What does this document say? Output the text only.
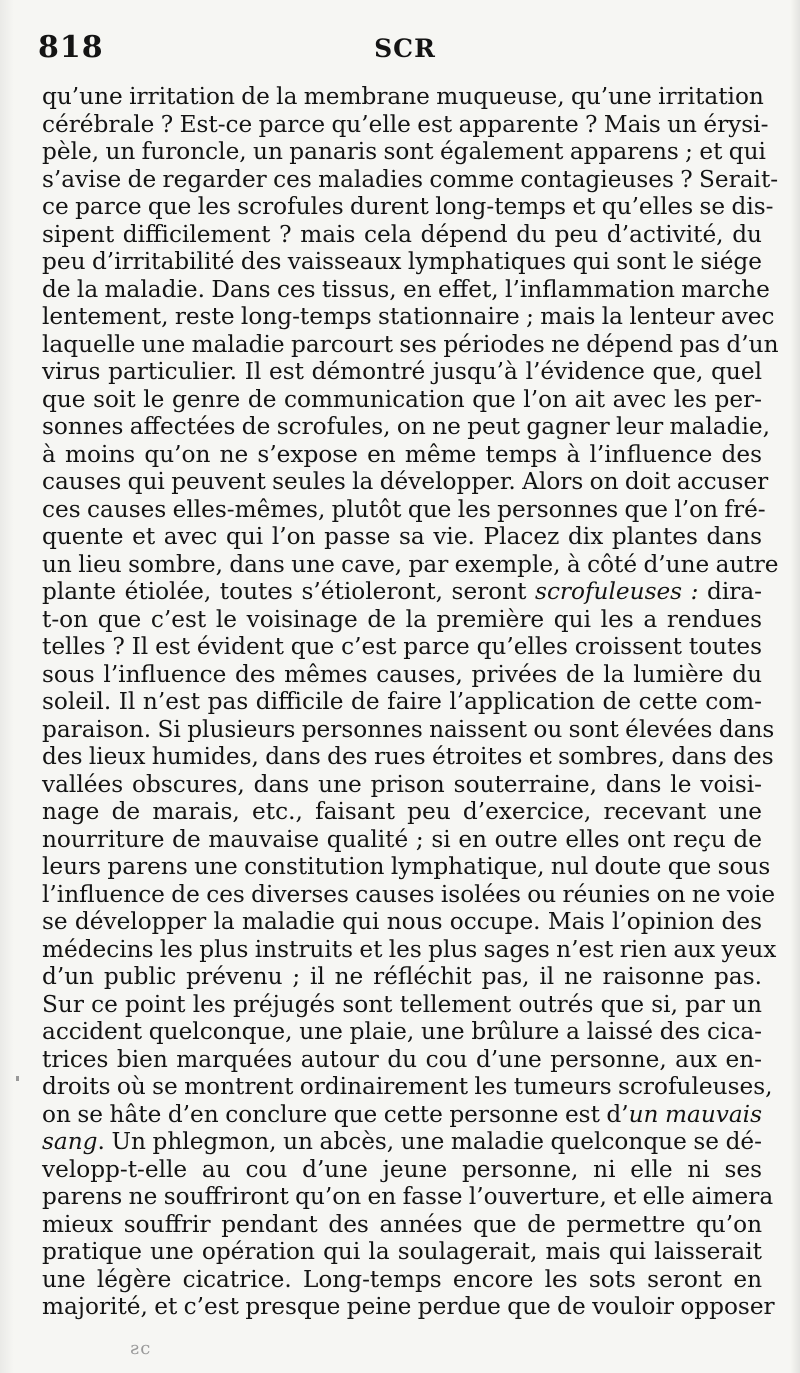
818	SCR
qu’une irritation de la membrane muqueuse, qu’une irritation
cérébrale ? Est-ce parce qu’elle est apparente ? Mais un érysi-
pèle, un furoncle, un panaris sont également apparens ; et qui
s’avise de regarder ces maladies comme contagieuses ? Serait-
ce parce que les scrofules durent long-temps et qu’elles se dis-
sipent difficilement ? mais cela dépend du peu d’activité, du
peu d’irritabilité des vaisseaux lymphatiques qui sont le siége
de la maladie. Dans ces tissus, en effet, l’inflammation marche
lentement, reste long-temps stationnaire ; mais la lenteur avec
laquelle une maladie parcourt ses périodes ne dépend pas d’un
virus particulier. Il est démontré jusqu’à l’évidence que, quel
que soit le genre de communication que l’on ait avec les per-
sonnes affectées de scrofules, on ne peut gagner leur maladie,
à moins qu’on ne s’expose en même temps à l’influence des
causes qui peuvent seules la développer. Alors on doit accuser
ces causes elles-mêmes, plutôt que les personnes que l’on fré-
quente et avec qui l’on passe sa vie. Placez dix plantes dans
un lieu sombre, dans une cave, par exemple, à côté d’une autre
plante étiolée, toutes s’étioleront, seront scrofuleuses : dira-
t-on que c’est le voisinage de la première qui les a rendues
telles ? Il est évident que c’est parce qu’elles croissent toutes
sous l’influence des mêmes causes, privées de la lumière du
soleil. Il n’est pas difficile de faire l’application de cette com-
paraison. Si plusieurs personnes naissent ou sont élevées dans
des lieux humides, dans des rues étroites et sombres, dans des
vallées obscures, dans une prison souterraine, dans le voisi-
nage de marais, etc., faisant peu d’exercice, recevant une
nourriture de mauvaise qualité ; si en outre elles ont reçu de
leurs parens une constitution lymphatique, nul doute que sous
l’influence de ces diverses causes isolées ou réunies on ne voie
se développer la maladie qui nous occupe. Mais l’opinion des
médecins les plus instruits et les plus sages n’est rien aux yeux
d’un public prévenu ; il ne réfléchit pas, il ne raisonne pas.
Sur ce point les préjugés sont tellement outrés que si, par un
accident quelconque, une plaie, une brûlure a laissé des cica-
trices bien marquées autour du cou d’une personne, aux en-
droits où se montrent ordinairement les tumeurs scrofuleuses,
on se hâte d’en conclure que cette personne est d’un mauvais
sang. Un phlegmon, un abcès, une maladie quelconque se dé-
velopp-t-elle au cou d’une jeune personne, ni elle ni ses
parens ne souffriront qu’on en fasse l’ouverture, et elle aimera
mieux souffrir pendant des années que de permettre qu’on
pratique une opération qui la soulagerait, mais qui laisserait
une légère cicatrice. Long-temps encore les sots seront en
majorité, et c’est presque peine perdue que de vouloir opposer
ƨc
